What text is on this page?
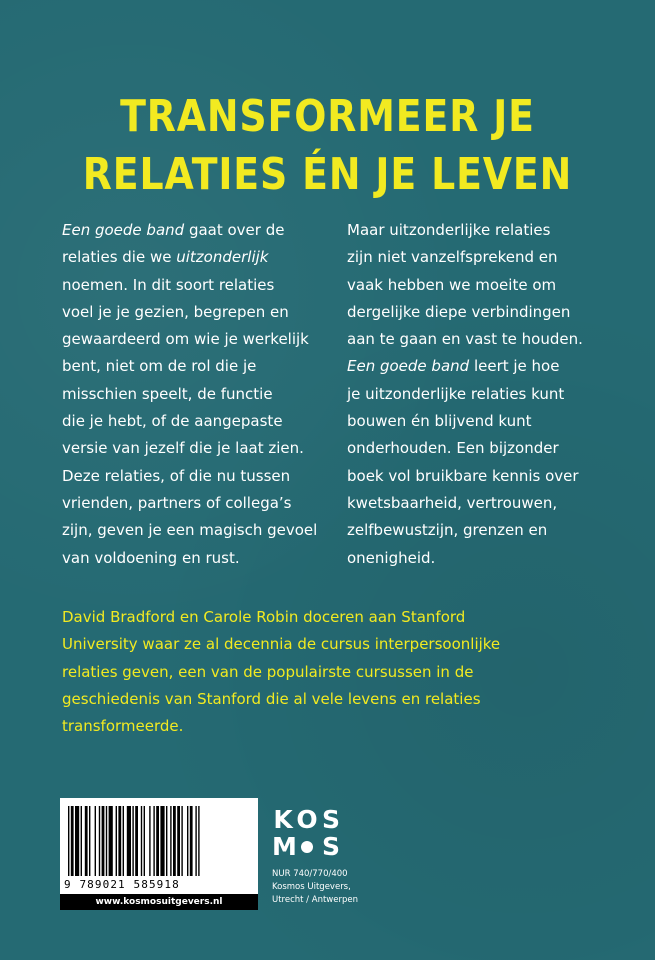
TRANSFORMEER JE
RELATIES ÉN JE LEVEN
Een goede band gaat over de
relaties die we uitzonderlijk
noemen. In dit soort relaties
voel je je gezien, begrepen en
gewaardeerd om wie je werkelijk
bent, niet om de rol die je
misschien speelt, de functie
die je hebt, of de aangepaste
versie van jezelf die je laat zien.
Deze relaties, of die nu tussen
vrienden, partners of collega’s
zijn, geven je een magisch gevoel
van voldoening en rust.
Maar uitzonderlijke relaties
zijn niet vanzelfsprekend en
vaak hebben we moeite om
dergelijke diepe verbindingen
aan te gaan en vast te houden.
Een goede band leert je hoe
je uitzonderlijke relaties kunt
bouwen én blijvend kunt
onderhouden. Een bijzonder
boek vol bruikbare kennis over
kwetsbaarheid, vertrouwen,
zelfbewustzijn, grenzen en
onenigheid.
David Bradford en Carole Robin doceren aan Stanford
University waar ze al decennia de cursus interpersoonlijke
relaties geven, een van de populairste cursussen in de
geschiedenis van Stanford die al vele levens en relaties
transformeerde.
9 789021 585918
www.kosmosuitgevers.nl
K O S
M S
NUR 740/770/400
Kosmos Uitgevers,
Utrecht / Antwerpen
